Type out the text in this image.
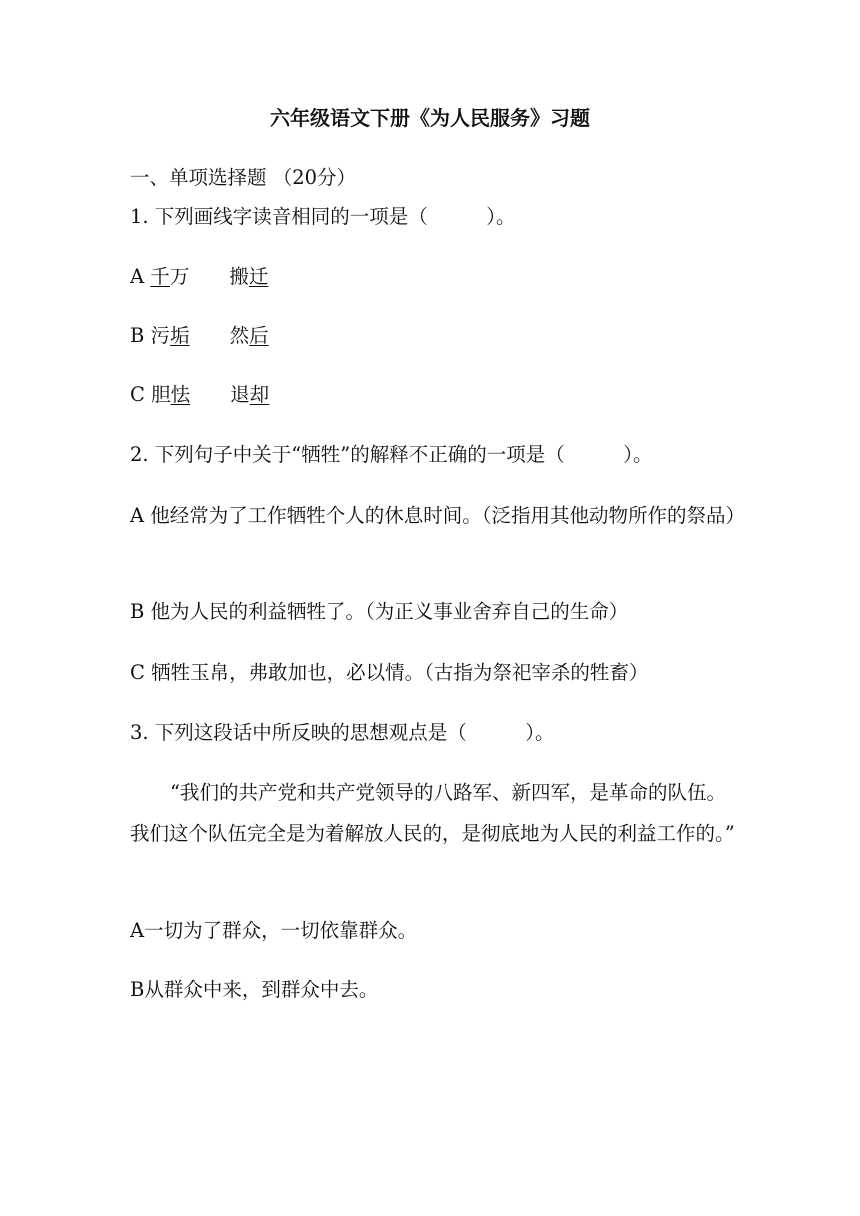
六年级语文下册《为人民服务》习题
一、单项选择题 （20分）
1. 下列画线字读音相同的一项是（　　　）。
A 千万 搬迁
B 污垢 然后
C 胆怯 退却
2. 下列句子中关于“牺牲”的解释不正确的一项是（　　　）。
A 他经常为了工作牺牲个人的休息时间。（泛指用其他动物所作的祭品）
B 他为人民的利益牺牲了。（为正义事业舍弃自己的生命）
C 牺牲玉帛，弗敢加也，必以情。（古指为祭祀宰杀的牲畜）
3. 下列这段话中所反映的思想观点是（　　　）。
“我们的共产党和共产党领导的八路军、新四军，是革命的队伍。我们这个队伍完全是为着解放人民的，是彻底地为人民的利益工作的。”
A一切为了群众，一切依靠群众。
B从群众中来，到群众中去。
